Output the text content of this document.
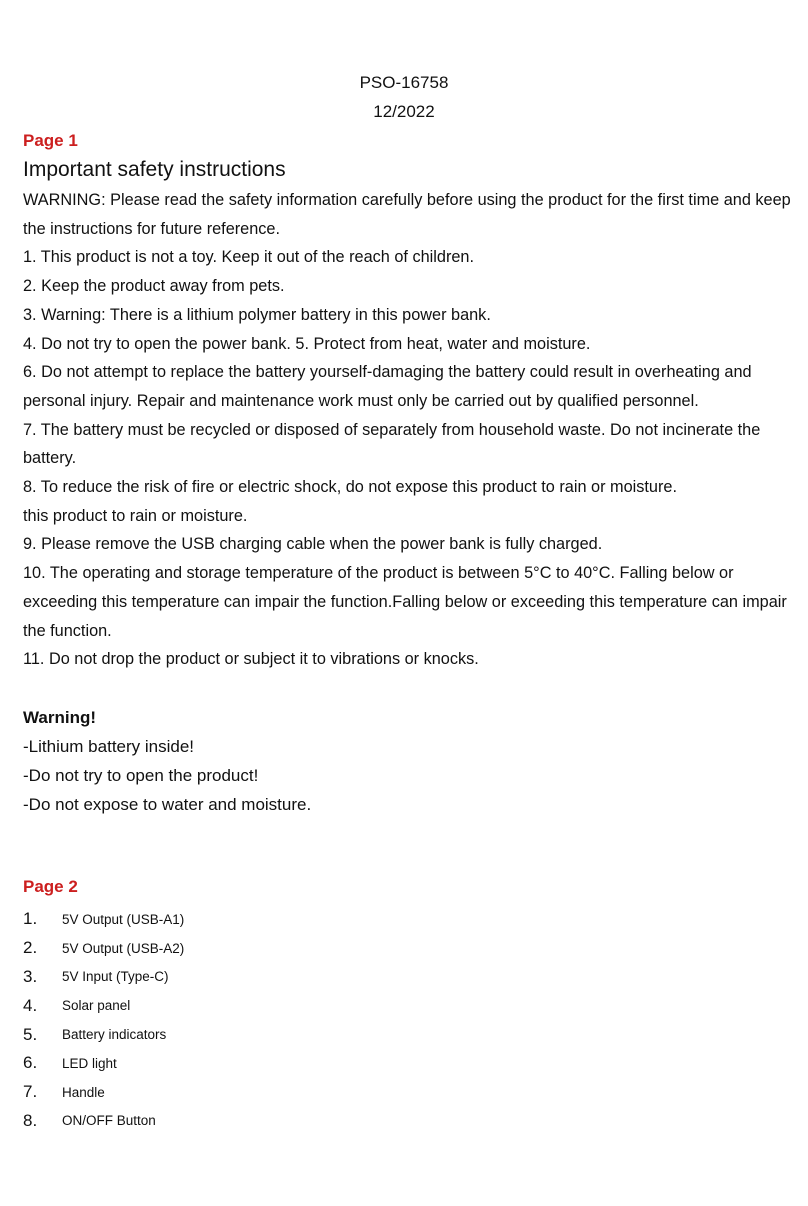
PSO-16758
12/2022
Page 1
Important safety instructions

WARNING: Please read the safety information carefully before using the product for the first time and keep the instructions for future reference.

1. This product is not a toy. Keep it out of the reach of children.

2. Keep the product away from pets.

3. Warning: There is a lithium polymer battery in this power bank.

4. Do not try to open the power bank. 5. Protect from heat, water and moisture.

6. Do not attempt to replace the battery yourself-damaging the battery could result in overheating and personal injury. Repair and maintenance work must only be carried out by qualified personnel.

7. The battery must be recycled or disposed of separately from household waste. Do not incinerate the battery.

8. To reduce the risk of fire or electric shock, do not expose this product to rain or moisture.

this product to rain or moisture.

9. Please remove the USB charging cable when the power bank is fully charged.

10. The operating and storage temperature of the product is between 5°C to 40°C. Falling below or exceeding this temperature can impair the function.Falling below or exceeding this temperature can impair the function.

11. Do not drop the product or subject it to vibrations or knocks.

Warning!
-Lithium battery inside!
-Do not try to open the product!
-Do not expose to water and moisture.
Page 2
1.	5V Output (USB-A1)
2.	5V Output (USB-A2)
3.	5V Input (Type-C)
4.	Solar panel
5.	Battery indicators
6.	LED light
7.	Handle
8.	ON/OFF Button
